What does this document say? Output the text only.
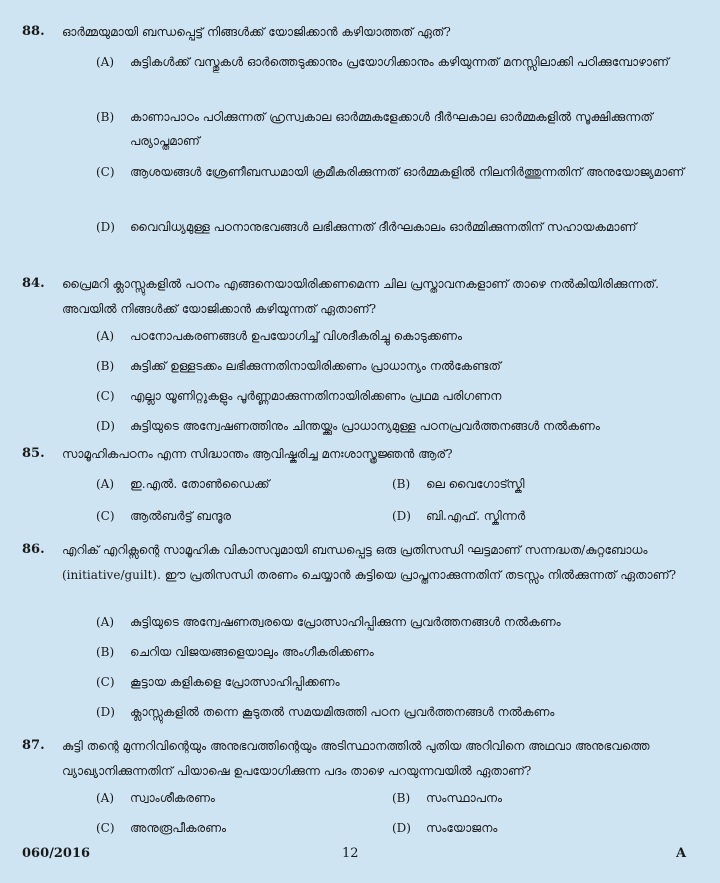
88.	ഓർമ്മയുമായി ബന്ധപ്പെട്ട് നിങ്ങൾക്ക് യോജിക്കാൻ കഴിയാത്തത് ഏത്?
(A)	കുട്ടികൾക്ക് വസ്തുകൾ ഓർത്തെടുക്കാനും പ്രയോഗിക്കാനും കഴിയുന്നത് മനസ്സിലാക്കി പഠിക്കുമ്പോഴാണ്
(B)	കാണാപാഠം പഠിക്കുന്നത് ഹ്രസ്വകാല ഓർമ്മകളേക്കാൾ ദീർഘകാല ഓർമ്മകളിൽ സൂക്ഷിക്കുന്നത് പര്യാപ്തമാണ്
(C)	ആശയങ്ങൾ ശ്രേണീബന്ധമായി ക്രമീകരിക്കുന്നത് ഓർമ്മകളിൽ നിലനിർത്തുന്നതിന് അനുയോജ്യമാണ്
(D)	വൈവിധ്യമുള്ള പഠനാനുഭവങ്ങൾ ലഭിക്കുന്നത് ദീർഘകാലം ഓർമ്മിക്കുന്നതിന് സഹായകമാണ്
84.	പ്രൈമറി ക്ലാസ്സുകളിൽ പഠനം എങ്ങനെയായിരിക്കണമെന്ന ചില പ്രസ്താവനകളാണ് താഴെ നൽകിയിരിക്കുന്നത്. അവയിൽ നിങ്ങൾക്ക് യോജിക്കാൻ കഴിയുന്നത് ഏതാണ്?
(A)	പഠനോപകരണങ്ങൾ ഉപയോഗിച്ച് വിശദീകരിച്ചു കൊടുക്കണം
(B)	കുട്ടിക്ക് ഉള്ളടക്കം ലഭിക്കുന്നതിനായിരിക്കണം പ്രാധാന്യം നൽകേണ്ടത്
(C)	എല്ലാ യൂണിറ്റുകളും പൂർണ്ണമാക്കുന്നതിനായിരിക്കണം പ്രഥമ പരിഗണന
(D)	കുട്ടിയുടെ അന്വേഷണത്തിനും ചിന്തയ്ക്കും പ്രാധാന്യമുള്ള പഠനപ്രവർത്തനങ്ങൾ നൽകണം
85.	സാമൂഹികപഠനം എന്ന സിദ്ധാന്തം ആവിഷ്കരിച്ച മനഃശാസ്ത്രജ്ഞൻ ആര്?
(A)	ഇ.എൽ. തോൺഡൈക്ക്	(B)	ലെ വൈഗോട്സ്കി
(C)	ആൽബർട്ട് ബന്ദൂര	(D)	ബി.എഫ്. സ്കിന്നർ
86.	എറിക് എറിക്സന്റെ സാമൂഹിക വികാസവുമായി ബന്ധപ്പെട്ട ഒരു പ്രതിസന്ധി ഘട്ടമാണ് സന്നദ്ധത/കുറ്റബോധം (initiative/guilt). ഈ പ്രതിസന്ധി തരണം ചെയ്യാൻ കുട്ടിയെ പ്രാപ്തനാക്കുന്നതിന് തടസ്സം നിൽക്കുന്നത് ഏതാണ്?
(A)	കുട്ടിയുടെ അന്വേഷണത്വരയെ പ്രോത്സാഹിപ്പിക്കുന്ന പ്രവർത്തനങ്ങൾ നൽകണം
(B)	ചെറിയ വിജയങ്ങളെയാലും അംഗീകരിക്കണം
(C)	കൂട്ടായ കളികളെ പ്രോത്സാഹിപ്പിക്കണം
(D)	ക്ലാസ്സുകളിൽ തന്നെ കൂടുതൽ സമയമിരുത്തി പഠന പ്രവർത്തനങ്ങൾ നൽകണം
87.	കുട്ടി തന്റെ മുന്നറിവിന്റെയും അനുഭവത്തിന്റെയും അടിസ്ഥാനത്തിൽ പുതിയ അറിവിനെ അഥവാ അനുഭവത്തെ വ്യാഖ്യാനിക്കുന്നതിന് പിയാഷെ ഉപയോഗിക്കുന്ന പദം താഴെ പറയുന്നവയിൽ ഏതാണ്?
(A)	സ്വാംശീകരണം	(B)	സംസ്ഥാപനം
(C)	അനുരൂപീകരണം	(D)	സംയോജനം
060/2016	12	A
